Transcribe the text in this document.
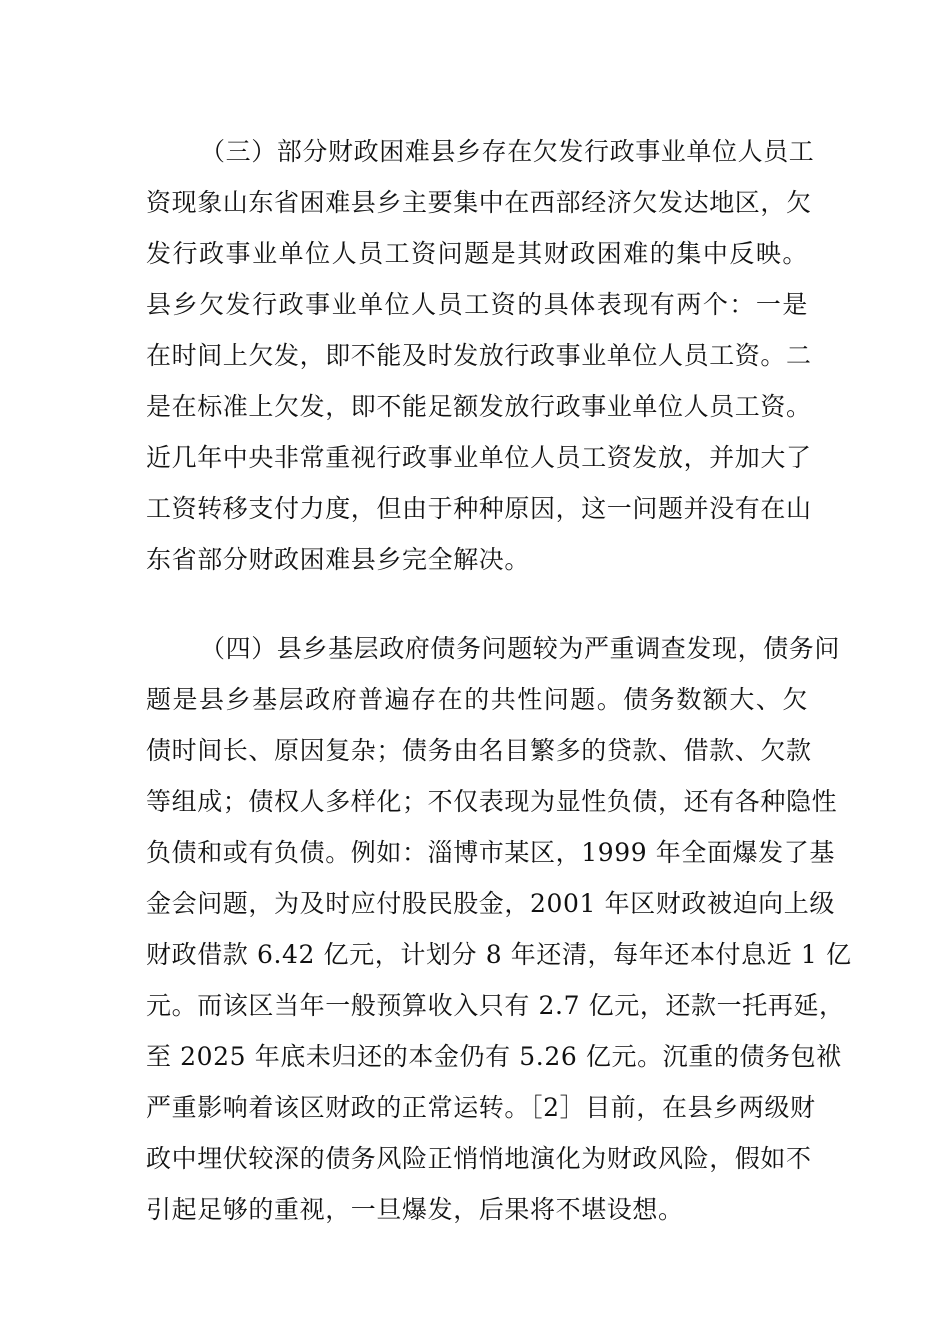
（三）部分财政困难县乡存在欠发行政事业单位人员工
资现象山东省困难县乡主要集中在西部经济欠发达地区，欠
发行政事业单位人员工资问题是其财政困难的集中反映。
县乡欠发行政事业单位人员工资的具体表现有两个：一是
在时间上欠发，即不能及时发放行政事业单位人员工资。二
是在标准上欠发，即不能足额发放行政事业单位人员工资。
近几年中央非常重视行政事业单位人员工资发放，并加大了
工资转移支付力度，但由于种种原因，这一问题并没有在山
东省部分财政困难县乡完全解决。
（四）县乡基层政府债务问题较为严重调查发现，债务问
题是县乡基层政府普遍存在的共性问题。债务数额大、欠
债时间长、原因复杂；债务由名目繁多的贷款、借款、欠款
等组成；债权人多样化；不仅表现为显性负债，还有各种隐性
负债和或有负债。例如：淄博市某区，1999 年全面爆发了基
金会问题，为及时应付股民股金，2001 年区财政被迫向上级
财政借款 6.42 亿元，计划分 8 年还清，每年还本付息近 1 亿
元。而该区当年一般预算收入只有 2.7 亿元，还款一托再延，
至 2025 年底未归还的本金仍有 5.26 亿元。沉重的债务包袱
严重影响着该区财政的正常运转。［2］目前，在县乡两级财
政中埋伏较深的债务风险正悄悄地演化为财政风险，假如不
引起足够的重视，一旦爆发，后果将不堪设想。
